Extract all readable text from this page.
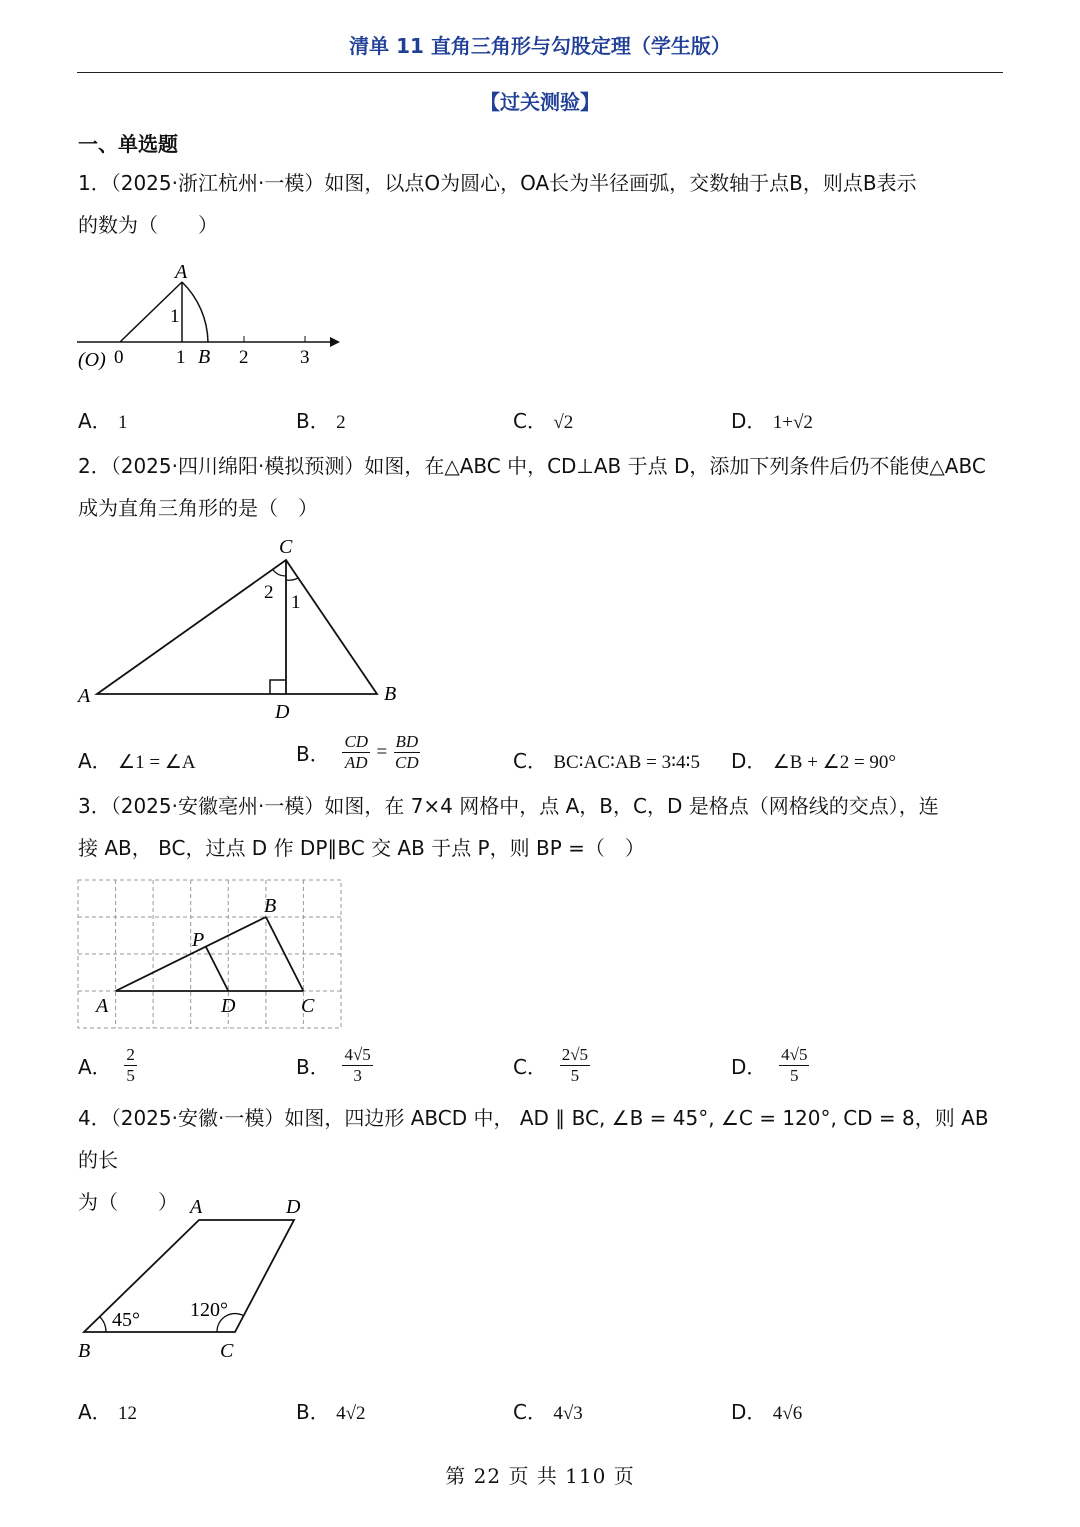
清单 11 直角三角形与勾股定理（学生版）
【过关测验】
一、单选题
1．（2025·浙江杭州·一模）如图，以点O为圆心，OA长为半径画弧，交数轴于点B，则点B表示
的数为（　　）
A
1
(O) 0	1 B 2	3
A． 1	B． 2	C． √2	D． 1+√2
2．（2025·四川绵阳·模拟预测）如图，在△ABC 中，CD⊥AB 于点 D，添加下列条件后仍不能使△ABC
成为直角三角形的是（　）
C
2 1
A
D
B
A． ∠1 = ∠A	B． $\frac{CD}{AD} = \frac{BD}{CD}$	C． BC∶AC∶AB = 3∶4∶5 D． ∠B + ∠2 = 90°
3．（2025·安徽亳州·一模）如图，在 7×4 网格中，点 A，B，C，D 是格点（网格线的交点），连
接 AB， BC，过点 D 作 DP∥BC 交 AB 于点 P，则 BP =（　）
B
P
A	D	C
A． $\frac{2}{5}$	B． $\frac{4√5}{3}$	C． $\frac{2√5}{5}$	D． $\frac{4√5}{5}$
4．（2025·安徽·一模）如图，四边形 ABCD 中， AD ∥ BC, ∠B = 45°, ∠C = 120°, CD = 8，则 AB 的长
为（　　） A	D
45°	120°
B	C
A． 12	B． 4√2	C． 4√3	D． 4√6
第 22 页 共 110 页
